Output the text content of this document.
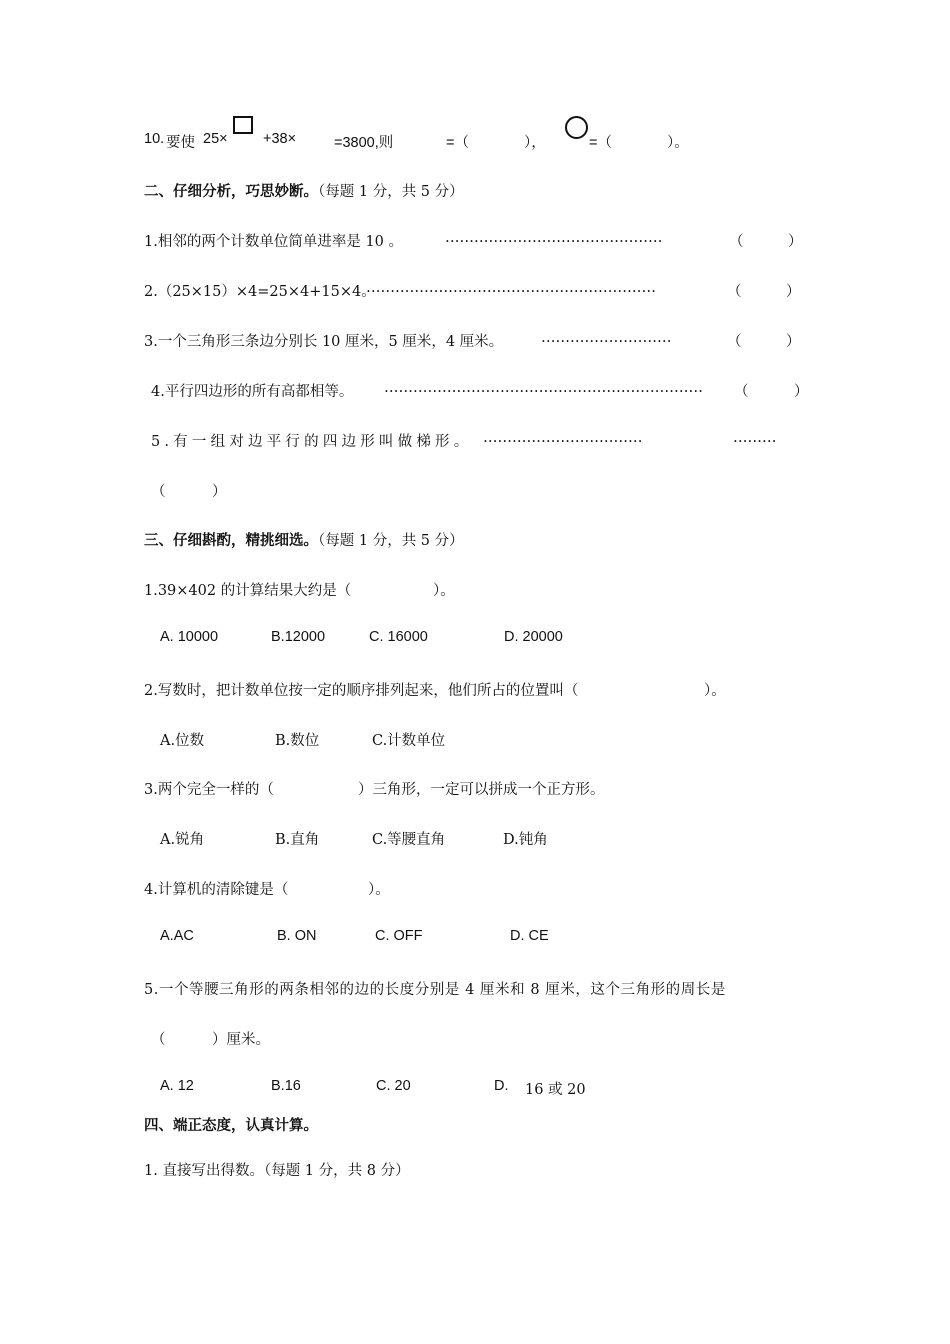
10. 要使 25× +38×	=3800,则	=（	），	=（	）。
二、仔细分析，巧思妙断。（每题 1 分，共 5 分）
1.相邻的两个计数单位简单进率是 10 。	………………………………………	（	）
2.（25×15）×4=25×4+15×4。
……………………………………………………	（	）
3.一个三角形三条边分别长 10 厘米，5 厘米，4 厘米。	………………………	（	）
4.平行四边形的所有高都相等。 ………………………………………………………… （	）
5.有一组对边平行的四边形叫做梯形。 ……………………………	………
（	）
三、仔细斟酌，精挑细选。（每题 1 分，共 5 分）
1.39×402 的计算结果大约是（	）。
A. 10000	B.12000	C. 16000	D. 20000
2.写数时，把计数单位按一定的顺序排列起来，他们所占的位置叫（	）。
A.位数	B.数位	C.计数单位
3.两个完全一样的（	）三角形，一定可以拼成一个正方形。
A.锐角	B.直角	C.等腰直角	D.钝角
4.计算机的清除键是（	）。
A.AC	B. ON	C. OFF	D. CE
5.一个等腰三角形的两条相邻的边的长度分别是 4 厘米和 8 厘米，这个三角形的周长是
（	）厘米。
A. 12	B.16	C. 20	D. 16 或 20
四、端正态度，认真计算。
1. 直接写出得数。（每题 1 分，共 8 分）
